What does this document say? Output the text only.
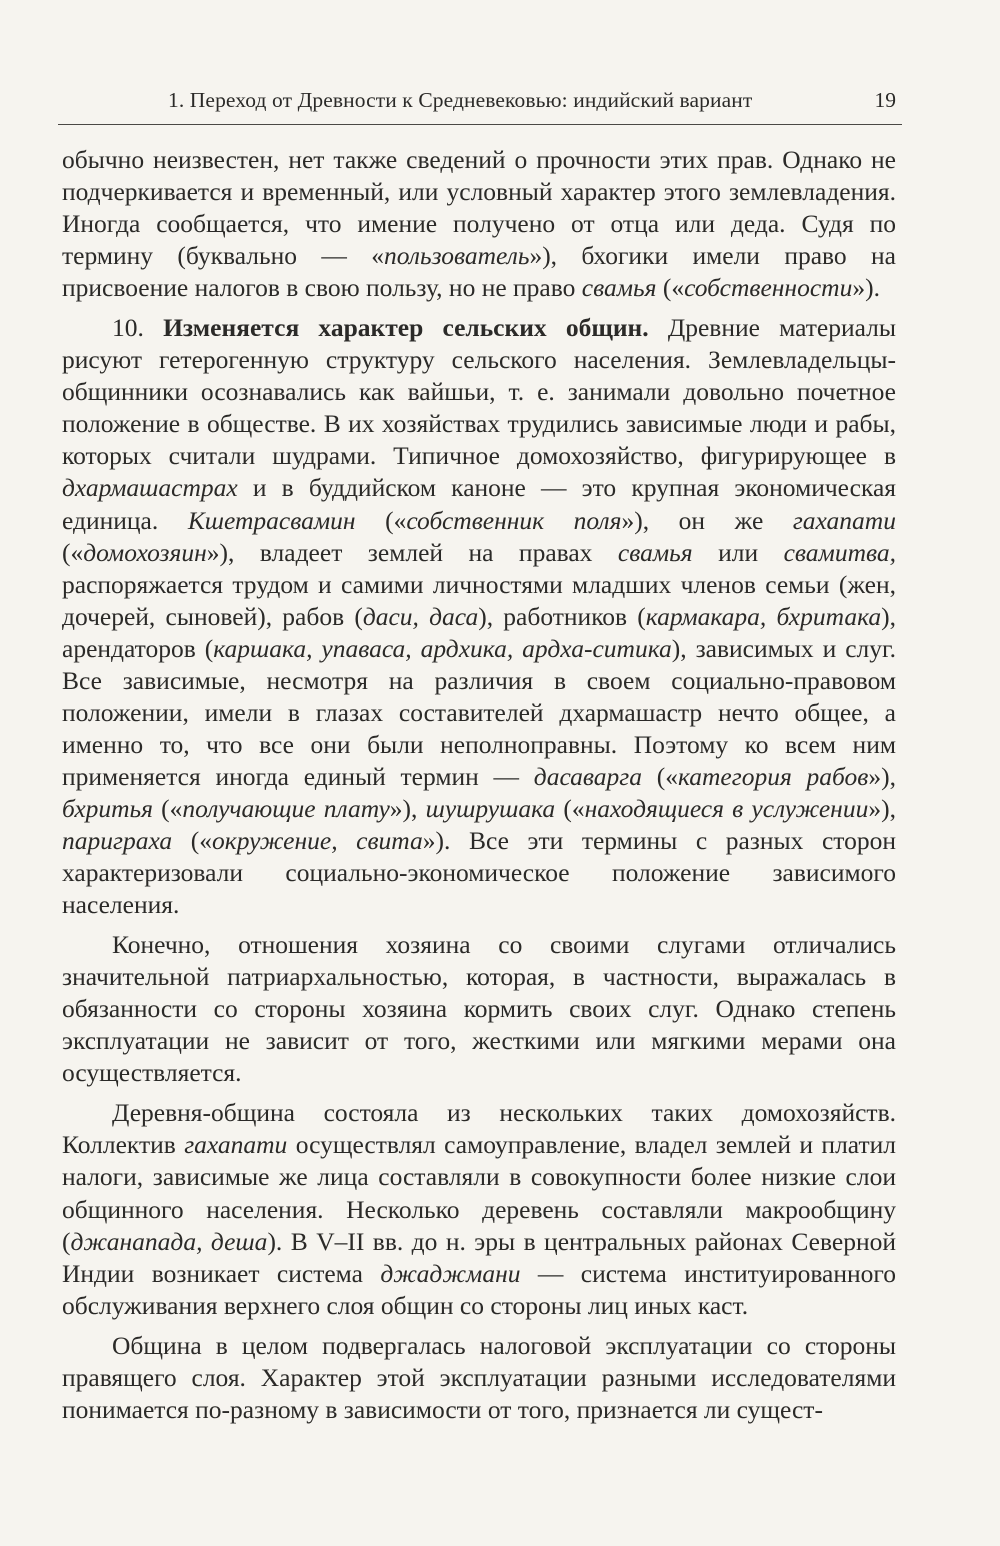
1. Переход от Древности к Средневековью: индийский вариант	19

обычно неизвестен, нет также сведений о прочности этих прав. Однако не подчеркивается и временный, или условный характер этого землевладения. Иногда сообщается, что имение получено от отца или деда. Судя по термину (буквально — «пользователь»), бхогики имели право на присвоение налогов в свою пользу, но не право свамья («собственности»).

10. Изменяется характер сельских общин. Древние материалы рисуют гетерогенную структуру сельского населения. Землевладельцы-общинники осознавались как вайшьи, т. е. занимали довольно почетное положение в обществе. В их хозяйствах трудились зависимые люди и рабы, которых считали шудрами. Типичное домохозяйство, фигурирующее в дхармашастрах и в буддийском каноне — это крупная экономическая единица. Кшетрасвамин («собственник поля»), он же гахапати («домохозяин»), владеет землей на правах свамья или свамитва, распоряжается трудом и самими личностями младших членов семьи (жен, дочерей, сыновей), рабов (даси, даса), работников (кармакара, бхритака), арендаторов (каршака, упаваса, ардхика, ардха-ситика), зависимых и слуг. Все зависимые, несмотря на различия в своем социально-правовом положении, имели в глазах составителей дхармашастр нечто общее, а именно то, что все они были неполноправны. Поэтому ко всем ним применяется иногда единый термин — дасаварга («категория рабов»), бхритья («получающие плату»), шушрушака («находящиеся в услужении»), париграха («окружение, свита»). Все эти термины с разных сторон характеризовали социально-экономическое положение зависимого населения.

Конечно, отношения хозяина со своими слугами отличались значительной патриархальностью, которая, в частности, выражалась в обязанности со стороны хозяина кормить своих слуг. Однако степень эксплуатации не зависит от того, жесткими или мягкими мерами она осуществляется.

Деревня-община состояла из нескольких таких домохозяйств. Коллектив гахапати осуществлял самоуправление, владел землей и платил налоги, зависимые же лица составляли в совокупности более низкие слои общинного населения. Несколько деревень составляли макрообщину (джанапада, деша). В V–II вв. до н. эры в центральных районах Северной Индии возникает система джаджмани — система институированного обслуживания верхнего слоя общин со стороны лиц иных каст.

Община в целом подвергалась налоговой эксплуатации со стороны правящего слоя. Характер этой эксплуатации разными исследователями понимается по-разному в зависимости от того, признается ли сущест-
